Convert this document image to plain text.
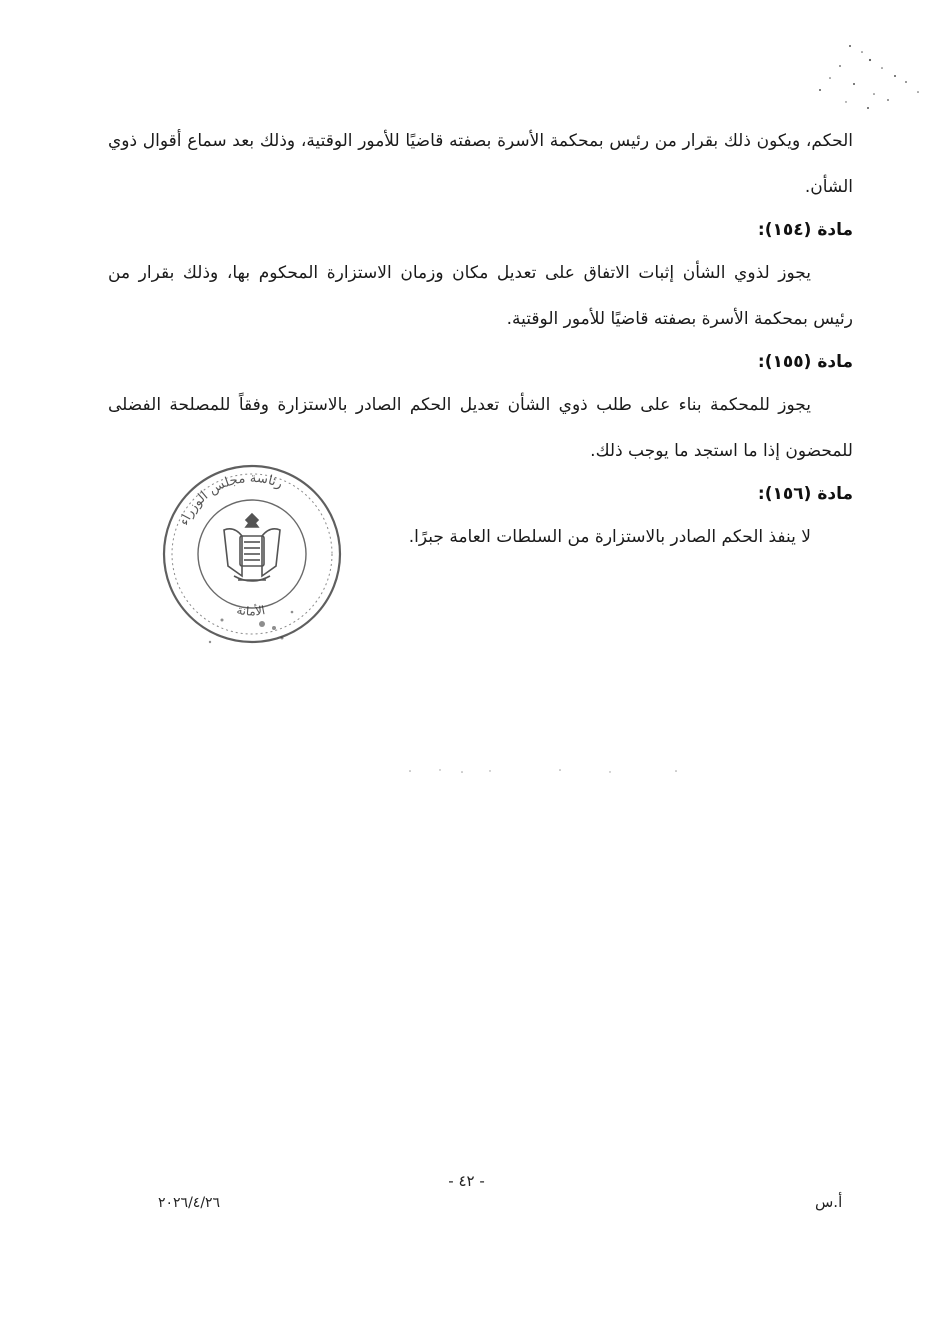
الحكم، ويكون ذلك بقرار من رئيس بمحكمة الأسرة بصفته قاضيًا للأمور الوقتية، وذلك بعد سماع أقوال ذوي الشأن.

مادة (١٥٤):

يجوز لذوي الشأن إثبات الاتفاق على تعديل مكان وزمان الاستزارة المحكوم بها، وذلك بقرار من رئيس بمحكمة الأسرة بصفته قاضيًا للأمور الوقتية.

مادة (١٥٥):

يجوز للمحكمة بناء على طلب ذوي الشأن تعديل الحكم الصادر بالاستزارة وفقاً للمصلحة الفضلى للمحضون إذا ما استجد ما يوجب ذلك.

مادة (١٥٦):

لا ينفذ الحكم الصادر بالاستزارة من السلطات العامة جبرًا.

رئاسة مجلس الوزراء
الأمانة
- ٤٢ -
٢٠٢٦/٤/٢٦	أ.س
